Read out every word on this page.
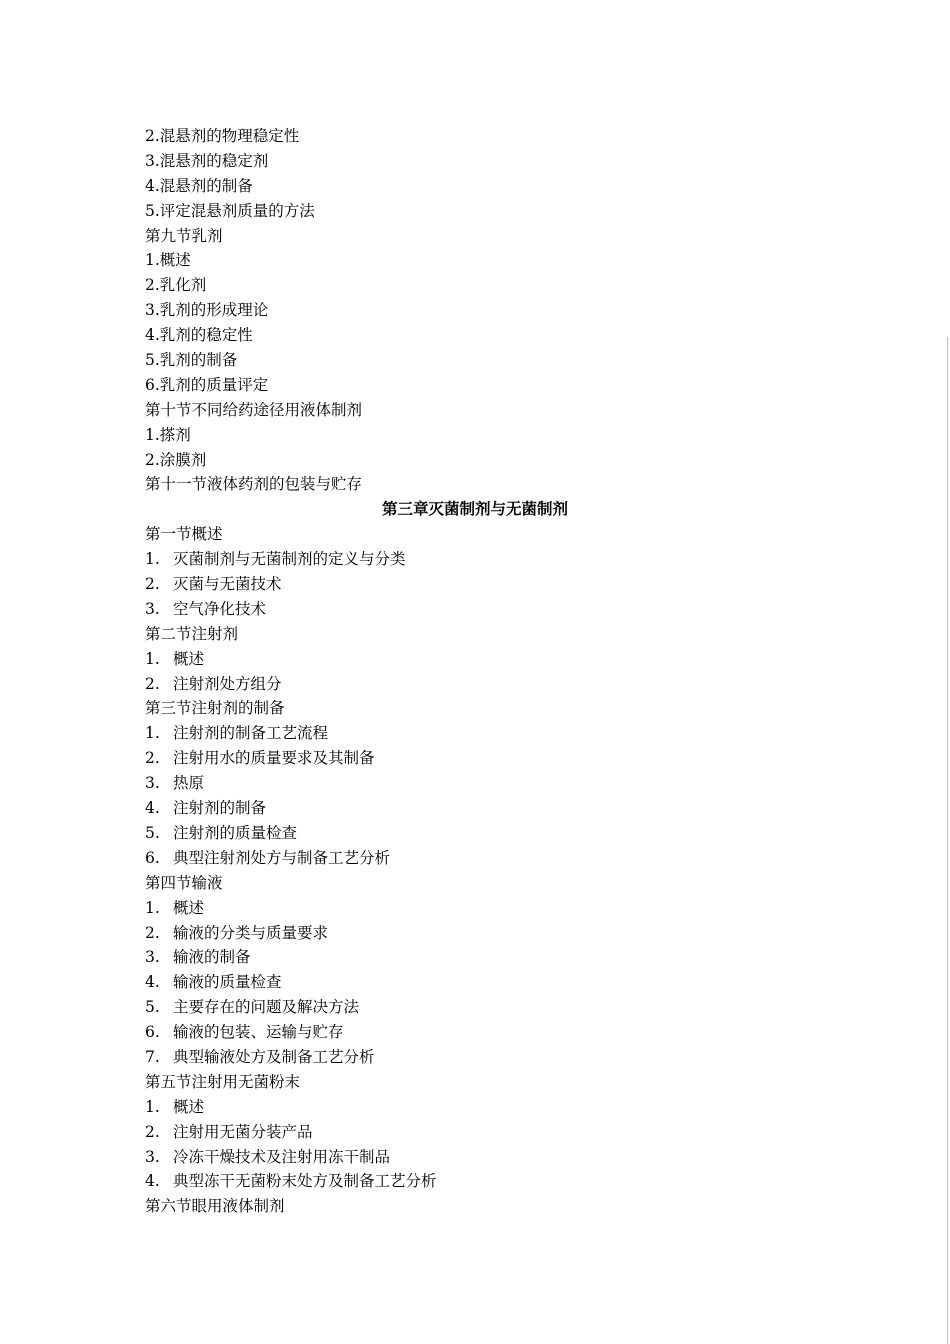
2.混悬剂的物理稳定性
3.混悬剂的稳定剂
4.混悬剂的制备
5.评定混悬剂质量的方法
第九节乳剂
1.概述
2.乳化剂
3.乳剂的形成理论
4.乳剂的稳定性
5.乳剂的制备
6.乳剂的质量评定
第十节不同给药途径用液体制剂
1.搽剂
2.涂膜剂
第十一节液体药剂的包装与贮存
第三章灭菌制剂与无菌制剂
第一节概述
1. 灭菌制剂与无菌制剂的定义与分类
2. 灭菌与无菌技术
3. 空气净化技术
第二节注射剂
1. 概述
2. 注射剂处方组分
第三节注射剂的制备
1. 注射剂的制备工艺流程
2. 注射用水的质量要求及其制备
3. 热原
4. 注射剂的制备
5. 注射剂的质量检查
6. 典型注射剂处方与制备工艺分析
第四节输液
1. 概述
2. 输液的分类与质量要求
3. 输液的制备
4. 输液的质量检查
5. 主要存在的问题及解决方法
6. 输液的包装、运输与贮存
7. 典型输液处方及制备工艺分析
第五节注射用无菌粉末
1. 概述
2. 注射用无菌分装产品
3. 冷冻干燥技术及注射用冻干制品
4. 典型冻干无菌粉末处方及制备工艺分析
第六节眼用液体制剂
